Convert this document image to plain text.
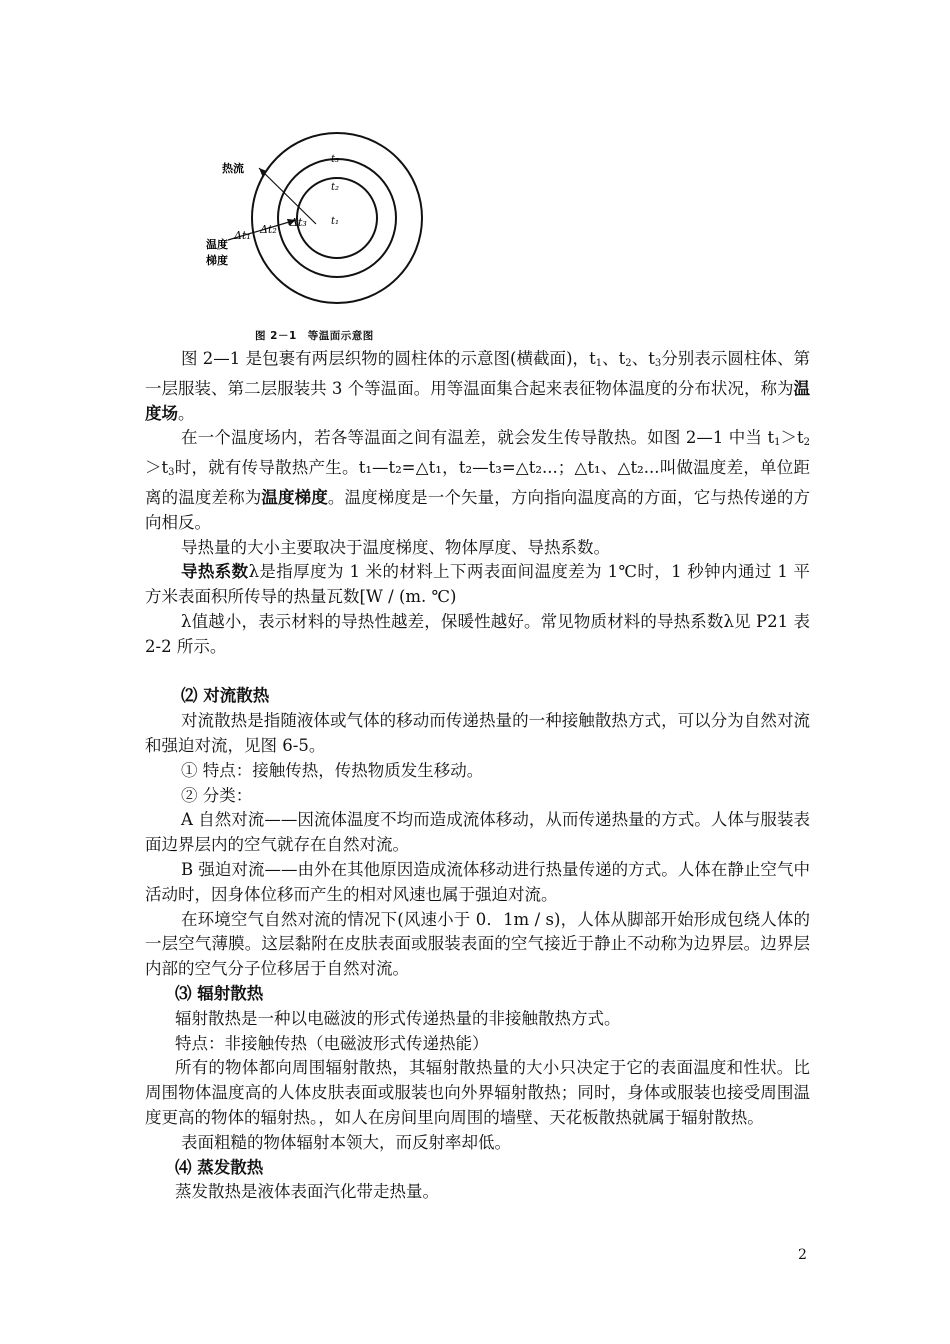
热流
温度
梯度
Δt₁ Δt₂
Δt₃ t₁
t₂
t₃
图 2－1　等温面示意图

图 2—1 是包裹有两层织物的圆柱体的示意图(横截面)，$t_1$、$t_2$、$t_3$分别表示圆柱体、第一层服装、第二层服装共 3 个等温面。用等温面集合起来表征物体温度的分布状况，称为温度场。

在一个温度场内，若各等温面之间有温差，就会发生传导散热。如图 2—1 中当 $t_1>t_2>t_3$时，就有传导散热产生。t₁—t₂=△t₁，t₂—t₃=△t₂...；△t₁、△t₂...叫做温度差，单位距离的温度差称为温度梯度。温度梯度是一个矢量，方向指向温度高的方面，它与热传递的方向相反。

导热量的大小主要取决于温度梯度、物体厚度、导热系数。

导热系数λ是指厚度为 1 米的材料上下两表面间温度差为 1℃时，1 秒钟内通过 1 平方米表面积所传导的热量瓦数[W / (m. ℃)

λ值越小，表示材料的导热性越差，保暖性越好。常见物质材料的导热系数λ见 P21 表 2-2 所示。

⑵ 对流散热

对流散热是指随液体或气体的移动而传递热量的一种接触散热方式，可以分为自然对流和强迫对流，见图 6-5。

① 特点：接触传热，传热物质发生移动。

② 分类：

A 自然对流——因流体温度不均而造成流体移动，从而传递热量的方式。人体与服装表面边界层内的空气就存在自然对流。

B 强迫对流——由外在其他原因造成流体移动进行热量传递的方式。人体在静止空气中活动时，因身体位移而产生的相对风速也属于强迫对流。

在环境空气自然对流的情况下(风速小于 0．1m / s)，人体从脚部开始形成包绕人体的一层空气薄膜。这层黏附在皮肤表面或服装表面的空气接近于静止不动称为边界层。边界层内部的空气分子位移居于自然对流。

⑶ 辐射散热

辐射散热是一种以电磁波的形式传递热量的非接触散热方式。

特点：非接触传热（电磁波形式传递热能）

所有的物体都向周围辐射散热，其辐射散热量的大小只决定于它的表面温度和性状。比周围物体温度高的人体皮肤表面或服装也向外界辐射散热；同时，身体或服装也接受周围温度更高的物体的辐射热。，如人在房间里向周围的墙壁、天花板散热就属于辐射散热。

表面粗糙的物体辐射本领大，而反射率却低。

⑷ 蒸发散热

蒸发散热是液体表面汽化带走热量。

2
